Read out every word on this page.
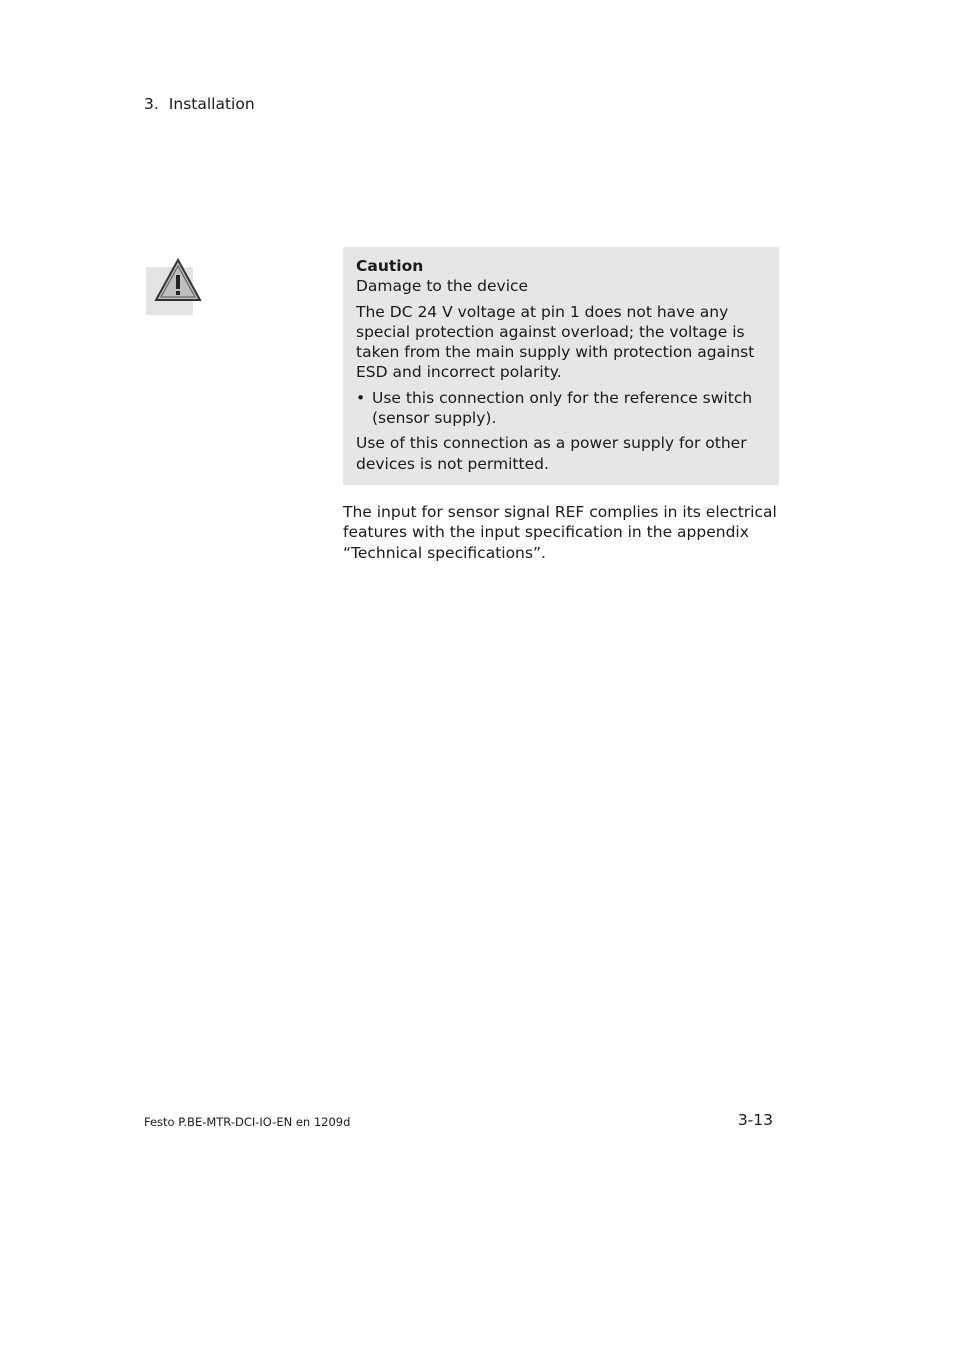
3. Installation

Caution

Damage to the device

The DC 24 V voltage at pin 1 does not have any special protection against overload; the voltage is taken from the main supply with protection against ESD and incorrect polarity.

• Use this connection only for the reference switch (sensor supply).

Use of this connection as a power supply for other devices is not permitted.

The input for sensor signal REF complies in its electrical features with the input specification in the appendix “Technical specifications”.

Festo P.BE-MTR-DCI-IO-EN en 1209d	3-13
